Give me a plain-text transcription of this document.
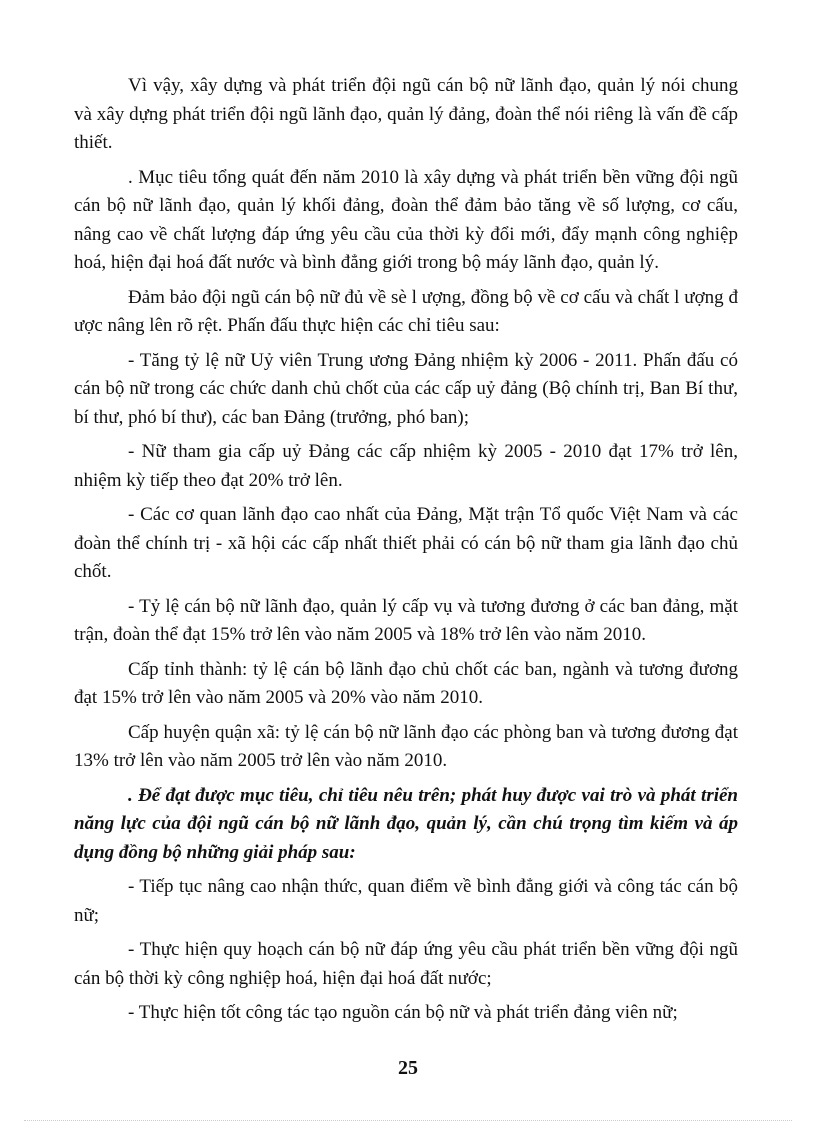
Vì vậy, xây dựng và phát triển đội ngũ cán bộ nữ lãnh đạo, quản lý nói chung và xây dựng phát triển đội ngũ lãnh đạo, quản lý đảng, đoàn thể nói riêng là vấn đề cấp thiết.

. Mục tiêu tổng quát đến năm 2010 là xây dựng và phát triển bền vững đội ngũ cán bộ nữ lãnh đạo, quản lý khối đảng, đoàn thể đảm bảo tăng về số lượng, cơ cấu, nâng cao về chất lượng đáp ứng yêu cầu của thời kỳ đổi mới, đẩy mạnh công nghiệp hoá, hiện đại hoá đất nước và bình đẳng giới trong bộ máy lãnh đạo, quản lý.

Đảm bảo đội ngũ cán bộ nữ đủ về sè l ượng, đồng bộ về cơ cấu và chất l ượng đ ược nâng lên rõ rệt. Phấn đấu thực hiện các chỉ tiêu sau:

- Tăng tỷ lệ nữ Uỷ viên Trung ương Đảng nhiệm kỳ 2006 - 2011. Phấn đấu có cán bộ nữ trong các chức danh chủ chốt của các cấp uỷ đảng (Bộ chính trị, Ban Bí thư, bí thư, phó bí thư), các ban Đảng (trưởng, phó ban);

- Nữ tham gia cấp uỷ Đảng các cấp nhiệm kỳ 2005 - 2010 đạt 17% trở lên, nhiệm kỳ tiếp theo đạt 20% trở lên.

- Các cơ quan lãnh đạo cao nhất của Đảng, Mặt trận Tổ quốc Việt Nam và các đoàn thể chính trị - xã hội các cấp nhất thiết phải có cán bộ nữ tham gia lãnh đạo chủ chốt.

- Tỷ lệ cán bộ nữ lãnh đạo, quản lý cấp vụ và tương đương ở các ban đảng, mặt trận, đoàn thể đạt 15% trở lên vào năm 2005 và 18% trở lên vào năm 2010.

Cấp tỉnh thành: tỷ lệ cán bộ lãnh đạo chủ chốt các ban, ngành và tương đương đạt 15% trở lên vào năm 2005 và 20% vào năm 2010.

Cấp huyện quận xã: tỷ lệ cán bộ nữ lãnh đạo các phòng ban và tương đương đạt 13% trở lên vào năm 2005 trở lên vào năm 2010.

. Để đạt được mục tiêu, chỉ tiêu nêu trên; phát huy được vai trò và phát triển năng lực của đội ngũ cán bộ nữ lãnh đạo, quản lý, cần chú trọng tìm kiếm và áp dụng đồng bộ những giải pháp sau:

- Tiếp tục nâng cao nhận thức, quan điểm về bình đẳng giới và công tác cán bộ nữ;

- Thực hiện quy hoạch cán bộ nữ đáp ứng yêu cầu phát triển bền vững đội ngũ cán bộ thời kỳ công nghiệp hoá, hiện đại hoá đất nước;

- Thực hiện tốt công tác tạo nguồn cán bộ nữ và phát triển đảng viên nữ;

25
